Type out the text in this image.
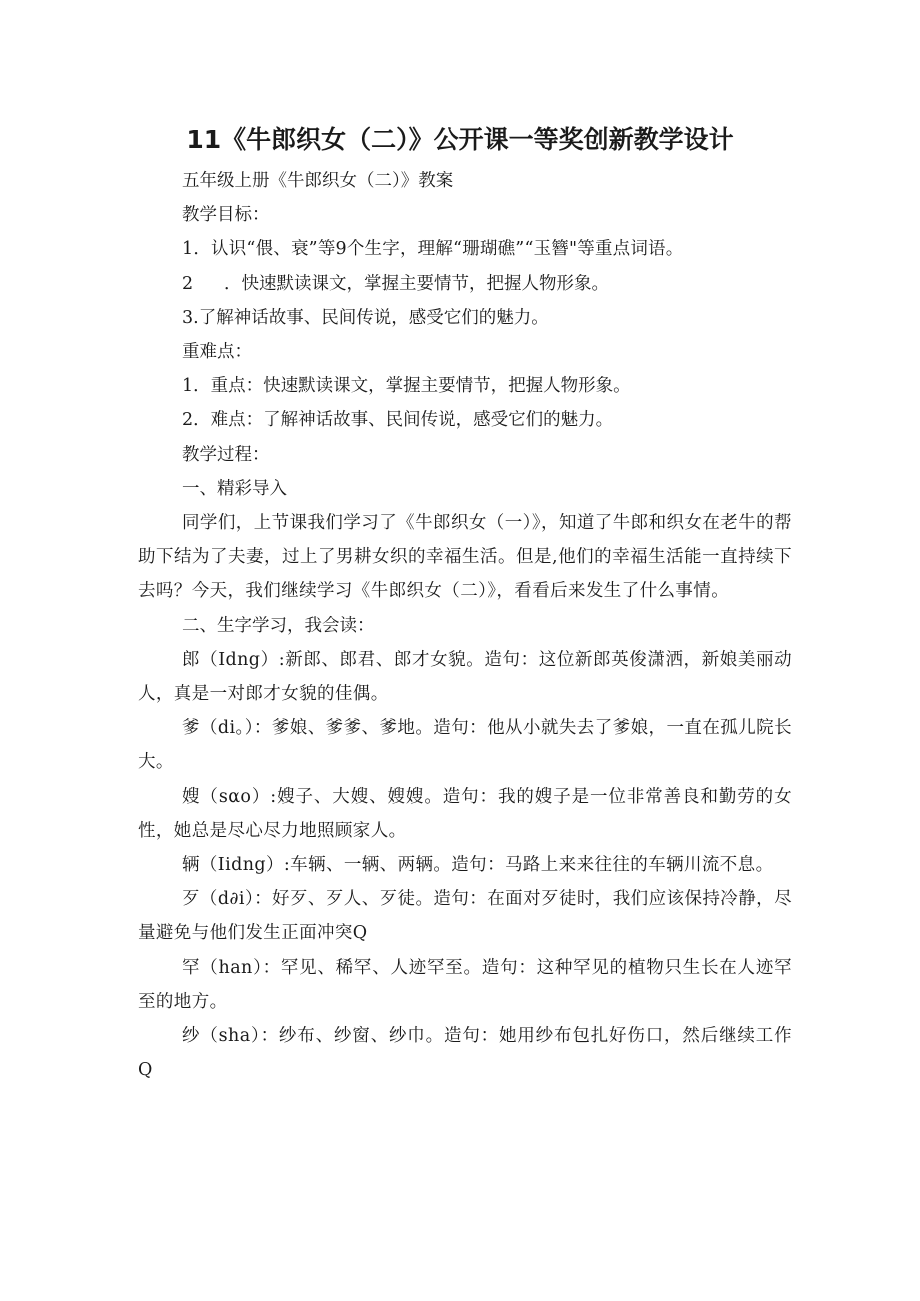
11《牛郎织女（二）》公开课一等奖创新教学设计

五年级上册《牛郎织女（二）》教案

教学目标：

1．认识“偎、衰”等9个生字，理解“珊瑚礁”“玉簪"等重点词语。

2 ．快速默读课文，掌握主要情节，把握人物形象。

3.了解神话故事、民间传说，感受它们的魅力。

重难点：

1．重点：快速默读课文，掌握主要情节，把握人物形象。

2．难点：了解神话故事、民间传说，感受它们的魅力。

教学过程：

一、精彩导入

同学们，上节课我们学习了《牛郎织女（一）》，知道了牛郎和织女在老牛的帮助下结为了夫妻，过上了男耕女织的幸福生活。但是,他们的幸福生活能一直持续下去吗？今天，我们继续学习《牛郎织女（二）》，看看后来发生了什么事情。

二、生字学习，我会读：

郎（Idng）:新郎、郎君、郎才女貌。造句：这位新郎英俊潇洒，新娘美丽动人，真是一对郎才女貌的佳偶。

爹（di。）：爹娘、爹爹、爹地。造句：他从小就失去了爹娘，一直在孤儿院长大。

嫂（sαo）:嫂子、大嫂、嫂嫂。造句：我的嫂子是一位非常善良和勤劳的女性，她总是尽心尽力地照顾家人。

辆（Iidng）:车辆、一辆、两辆。造句：马路上来来往往的车辆川流不息。

歹（d∂i）：好歹、歹人、歹徒。造句：在面对歹徒时，我们应该保持冷静，尽量避免与他们发生正面冲突Q

罕（han）：罕见、稀罕、人迹罕至。造句：这种罕见的植物只生长在人迹罕至的地方。

纱（sha）：纱布、纱窗、纱巾。造句：她用纱布包扎好伤口，然后继续工作Q
